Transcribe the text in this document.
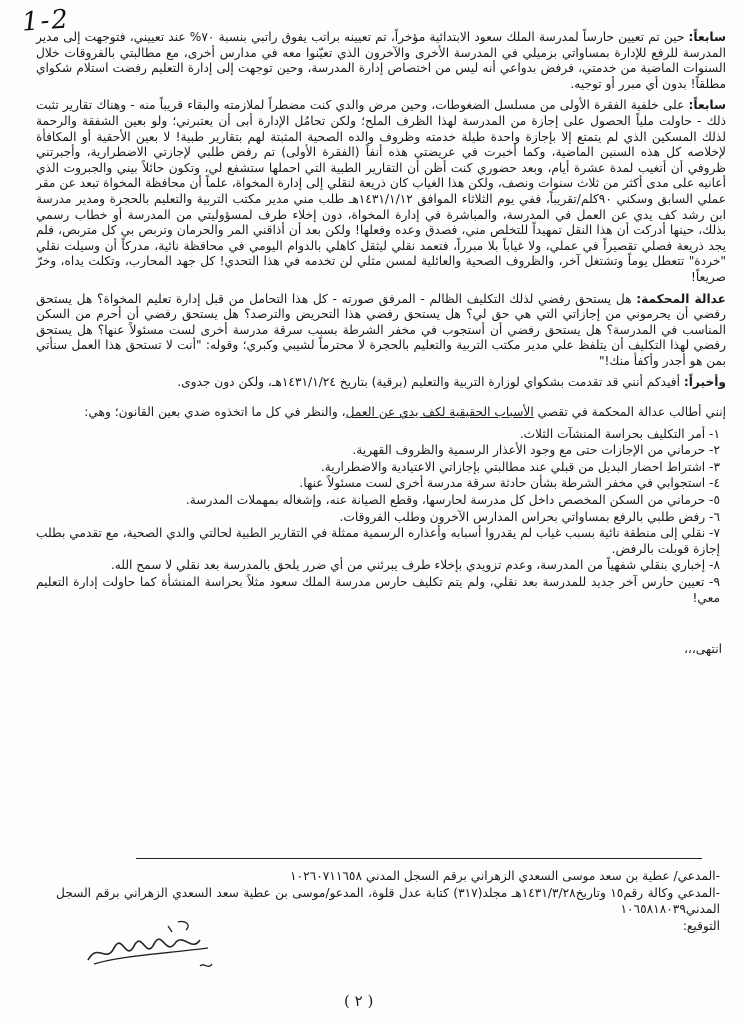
1-2	سابعاً: حين تم تعيين حارساً لمدرسة الملك سعود الابتدائية مؤخراً، تم تعيينه براتب يفوق راتبي بنسبة ٧٠% عند تعييني، فتوجهت إلى مدير المدرسة للرفع للإدارة بمساواتي بزميلي في المدرسة الأخرى والآخرون الذي تعيّنوا معه في مدارس أخرى، مع مطالبتي بالفروقات خلال السنوات الماضية من خدمتي، فرفض بدواعي أنه ليس من اختصاص إدارة المدرسة، وحين توجهت إلى إدارة التعليم رفضت استلام شكواي مطلقاً! بدون أي مبرر أو توجيه.

سابعاً: على خلفية الفقرة الأولى من مسلسل الضغوطات، وحين مرض والدي كنت مضطراً لملازمته والبقاء قريباً منه - وهناك تقارير تثبت ذلك - حاولت ملياً الحصول على إجازة من المدرسة لهذا الظرف الملح؛ ولكن تحامُل الإدارة أبى أن يعتبرني؛ ولو بعين الشفقة والرحمة لذلك المسكين الذي لم يتمتع إلا بإجازة واحدة طيلة خدمته وظروف والده الصحية المثبتة لهم بتقارير طبية! لا بعين الأحقية أو المكافأة لإخلاصه كل هذه السنين الماضية، وكما أخبرت في عريضتي هذه أنفاً (الفقرة الأولى) تم رفض طلبي لإجازتي الاضطرارية، وأجبرتني ظروفي أن أتغيب لمدة عشرة أيام، وبعد حضوري كنت أظن أن التقارير الطبية التي احملها ستشفع لي، وتكون حائلاً بيني والجبروت الذي أعانيه على مدى أكثر من ثلاث سنوات ونصف، ولكن هذا الغياب كان ذريعة لنقلي إلى إدارة المخواة، علماً أن محافظة المخواة تبعد عن مقر عملي السابق وسكني ٩٠كلم/تقريباً، ففي يوم الثلاثاء الموافق ١٤٣١/١/١٢هـ طلب مني مدير مكتب التربية والتعليم بالحجرة ومدير مدرسة ابن رشد كف يدي عن العمل في المدرسة، والمباشرة في إدارة المخواة، دون إخلاء طرف لمسؤوليتي من المدرسة أو خطاب رسمي بذلك، حينها أدركت أن هذا النقل تمهيداً للتخلص مني، فصدق وعده وفعلها! ولكن بعد أن أذاقني المر والحرمان وتربص بي كل متربص، فلم يجد ذريعة فصلي تقصيراً في عملي، ولا غياباً بلا مبرراً، فتعمد نقلي ليثقل كاهلي بالدوام اليومي في محافظة نائية، مدركاً أن وسيلت نقلي "خردة" تتعطل يوماً وتشتغل آخر، والظروف الصحية والعائلية لمسن مثلي لن تخدمه في هذا التحدي! كل جهد المحارب، وتكلت يداه، وخرّ صريعاً!

عدالة المحكمة: هل يستحق رفضي لذلك التكليف الظالم - المرفق صورته - كل هذا التحامل من قبل إدارة تعليم المخواة؟ هل يستحق رفضي أن يحرموني من إجازاتي التي هي حق لي؟ هل يستحق رفضي هذا التحريض والترصد؟ هل يستحق رفضي أن أحرم من السكن المناسب في المدرسة؟ هل يستحق رفضي أن أستجوب في مخفر الشرطة بسبب سرقة مدرسة أخرى لست مسئولاً عنها؟ هل يستحق رفضي لهذا التكليف أن يتلفظ علي مدير مكتب التربية والتعليم بالحجرة لا محترماً لشيبي وكبري؛ وقوله: "أنت لا تستحق هذا العمل سنأتي بمن هو أجدر وأكفأ منك!"

وأخيراً: أفيدكم أنني قد تقدمت بشكواي لوزارة التربية والتعليم (برقية) بتاريخ ١٤٣١/١/٢٤هـ، ولكن دون جدوى.

إنني أطالب عدالة المحكمة في تقصي الأسباب الحقيقية لكف يدي عن العمل، والنظر في كل ما اتخذوه ضدي بعين القانون؛ وهي:

١- أمر التكليف بحراسة المنشآت الثلاث.
٢- حرماني من الإجازات حتى مع وجود الأعذار الرسمية والظروف القهرية.
٣- اشتراط احضار البديل من قبلي عند مطالبتي بإجازاتي الاعتيادية والاضطرارية.
٤- استجوابي في مخفر الشرطة بشأن حادثة سرقة مدرسة أخرى لست مسئولاً عنها.
٥- حرماني من السكن المخصص داخل كل مدرسة لحارسها، وقطع الصيانة عنه، وإشغاله بمهملات المدرسة.
٦- رفض طلبي بالرفع بمساواتي بحراس المدارس الآخرون وطلب الفروقات.
٧- نقلي إلى منطقة نائية بسبب غياب لم يقدروا أسبابه وأعذاره الرسمية ممثلة في التقارير الطبية لحالتي والدي الصحية، مع تقدمي بطلب إجازة قوبلت بالرفض.
٨- إخباري بنقلي شفهياً من المدرسة، وعدم تزويدي بإخلاء طرف يبرئني من أي ضرر يلحق بالمدرسة بعد نقلي لا سمح الله.
٩- تعيين حارس آخر جديد للمدرسة بعد نقلي، ولم يتم تكليف حارس مدرسة الملك سعود مثلاً بحراسة المنشأة كما حاولت إدارة التعليم معي!
انتهى،،،
-المدعي/ عطية بن سعد موسى السعدي الزهراني برقم السجل المدني ١٠٢٦٠٧١١٦٥٨
-المدعي وكالة رقم١٥ وتاريخ١٤٣١/٣/٢٨هـ مجلد(٣١٧) كتابة عدل قلوة، المدعو/موسى بن عطية سعد السعدي الزهراني برقم السجل المدني١٠٦٥٨١٨٠٣٩
التوقيع:
( ٢ )
